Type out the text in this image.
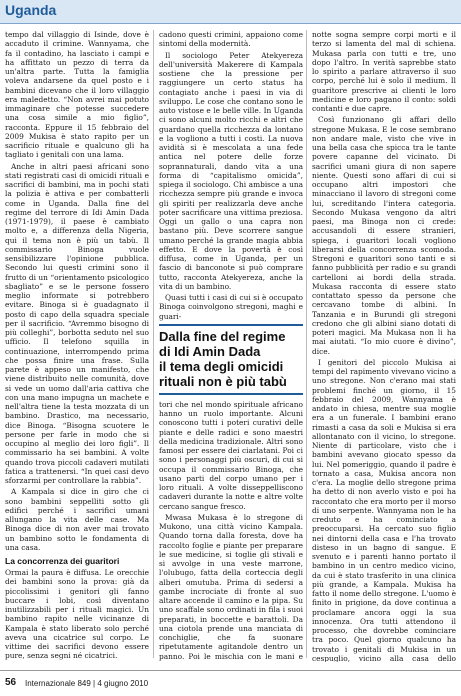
Uganda

tempo dal villaggio di Isinde, dove è accaduto il crimine. Wannyama, che fa il contadino, ha lasciato i campi e ha affittato un pezzo di terra da un'altra parte. Tutta la famiglia voleva andarsene da quel posto e i bambini dicevano che il loro villaggio era maledetto. “Non avrei mai potuto immaginare che potesse succedere una cosa simile a mio figlio”, racconta. Eppure il 15 febbraio del 2009 Mukisa è stato rapito per un sacrificio rituale e qualcuno gli ha tagliato i genitali con una lama.

Anche in altri paesi africani sono stati registrati casi di omicidi rituali e sacrifici di bambini, ma in pochi stati la polizia è attiva e per combatterli come in Uganda. Dalla fine del regime del terrore di Idi Amin Dada (1971-1979), il paese è cambiato molto e, a differenza della Nigeria, qui il tema non è più un tabù. Il commissario Binoga vuole sensibilizzare l'opinione pubblica. Secondo lui questi crimini sono il frutto di un “orientamento psicologico sbagliato” e se le persone fossero meglio informate si potrebbero evitare. Binoga si è guadagnato il posto di capo della squadra speciale per il sacrificio. “Avremmo bisogno di più colleghi”, borbotta seduto nel suo ufficio. Il telefono squilla in continuazione, interrompendo prima che possa finire una frase. Sulla parete è appeso un manifesto, che viene distribuito nelle comunità, dove si vede un uomo dall'aria cattiva che con una mano impugna un machete e nell'altra tiene la testa mozzata di un bambino. Drastico, ma necessario, dice Binoga. “Bisogna scuotere le persone per farle in modo che si occupino al meglio dei loro figli”. Il commissario ha sei bambini. A volte quando trova piccoli cadaveri mutilati fatica a trattenersi. “In quei casi devo sforzarmi per controllare la rabbia”.

A Kampala si dice in giro che ci sono bambini seppelliti sotto gli edifici perché i sacrifici umani allungano la vita delle case. Ma Binoga dice di non aver mai trovato un bambino sotto le fondamenta di una casa.

La concorrenza dei guaritori

Ormai la paura è diffusa. Le orecchie dei bambini sono la prova: già da piccolissimi i genitori gli fanno buccare i lobi, così diventano inutilizzabili per i rituali magici. Un bambino rapito nelle vicinanze di Kampala è stato liberato solo perché aveva una cicatrice sul corpo. Le vittime dei sacrifici devono essere pure, senza segni né cicatrici.

cadono questi crimini, appaiono come sintomi della modernità.

Il sociologo Peter Atekyereza dell'università Makerere di Kampala sostiene che la pressione per raggiungere un certo status ha contagiato anche i paesi in via di sviluppo. Le cose che contano sono le auto vistose e le belle ville. In Uganda ci sono alcuni molto ricchi e altri che guardano quella ricchezza da lontano e la vogliono a tutti i costi. La nuova avidità si è mescolata a una fede antica nel potere delle forze soprannaturali, dando vita a una forma di “capitalismo omicida”, spiega il sociologo. Chi ambisce a una ricchezza sempre più grande e invoca gli spiriti per realizzarla deve anche poter sacrificare una vittima preziosa. Oggi un gallo o una capra non bastano più. Deve scorrere sangue umano perché la grande magia abbia effetto. E dove la povertà è così diffusa, come in Uganda, per un fascio di banconote si può comprare tutto, racconta Atekyereza, anche la vita di un bambino.

Quasi tutti i casi di cui si è occupato Binoga coinvolgono stregoni, maghi e guari-

Dalla fine del regime
di Idi Amin Dada
il tema degli omicidi
rituali non è più tabù

tori che nel mondo spirituale africano hanno un ruolo importante. Alcuni conoscono tutti i poteri curativi delle piante e delle radici e sono maestri della medicina tradizionale. Altri sono famosi per essere dei ciarlatani. Poi ci sono i personaggi più oscuri, di cui si occupa il commissario Binoga, che usano parti del corpo umano per i loro rituali. A volte disseppelliscono cadaveri durante la notte e altre volte cercano sangue fresco.

Mwasa Mukasa è lo stregone di Mukono, una città vicino Kampala. Quando torna dalla foresta, dove ha raccolto foglie e piante per preparare le sue medicine, si toglie gli stivali e si avvolge in una veste marrone, l'olubugo, fatta della corteccia degli alberi omutuba. Prima di sedersi a gambe incrociate di fronte al suo altare accende il camino e la pipa. Su uno scaffale sono ordinati in fila i suoi preparati, in boccette e barattoli. Da una ciotola prende una manciata di conchiglie, che fa suonare ripetutamente agitandole dentro un panno. Poi le mischia con le mani e

notte sogna sempre corpi morti e il terzo si lamenta del mal di schiena. Mukasa parla con tutti e tre, uno dopo l'altro. In verità saprebbe stato lo spirito a parlare attraverso il suo corpo, perché lui è solo il medium. Il guaritore prescrive ai clienti le loro medicine e loro pagano il conto: soldi contanti e due capre.

Così funzionano gli affari dello stregone Mukasa. E le cose sembrano non andare male, visto che vive in una bella casa che spicca tra le tante povere capanne del vicinato. Di sacrifici umani giura di non sapere niente. Questi sono affari di cui si occupano altri impostori che minacciano il lavoro di stregoni come lui, screditando l'intera categoria. Secondo Mukasa vengono da altri paesi, ma Binoga non ci crede: accusandoli di essere stranieri, spiega, i guaritori locali vogliono liberarsi della concorrenza scomoda. Stregoni e guaritori sono tanti e si fanno pubblicità per radio e su grandi cartelloni ai bordi della strada. Mukasa racconta di essere stato contattato spesso da persone che cercavano tombe di albini. In Tanzania e in Burundi gli stregoni credono che gli albini siano dotati di poteri magici. Ma Mukasa non li ha mai aiutati. “Io mio cuore è divino”, dice.

I genitori del piccolo Mukisa ai tempi del rapimento vivevano vicino a uno stregone. Non c'erano mai stati problemi finché un giorno, il 15 febbraio del 2009, Wannyama è andato in chiesa, mentre sua moglie era a un funerale. I bambini erano rimasti a casa da soli e Mukisa si era allontanato con il vicino, lo stregone. Niente di particolare, visto che i bambini avevano giocato spesso da lui. Nel pomeriggio, quando il padre è tornato a casa, Mukisa ancora non c'era. La moglie dello stregone prima ha detto di non averlo visto e poi ha raccontato che era morto per il morso di uno serpente. Wannyama non le ha creduto e ha cominciato a preoccuparsi. Ha cercato suo figlio nei dintorni della casa e l'ha trovato disteso in un bagno di sangue. E svenuto e i parenti hanno portato il bambino in un centro medico vicino, da cui è stato trasferito in una clinica più grande, a Kampala. Mukisa ha fatto il nome dello stregone. L'uomo è finito in prigione, da dove continua a proclamare ancora oggi la sua innocenza. Ora tutti attendono il processo, che dovrebbe cominciare tra poco. Quel giorno qualcuno ha trovato i genitali di Mukisa in un cespuglio, vicino alla casa dello

56 Internazionale 849 | 4 giugno 2010
